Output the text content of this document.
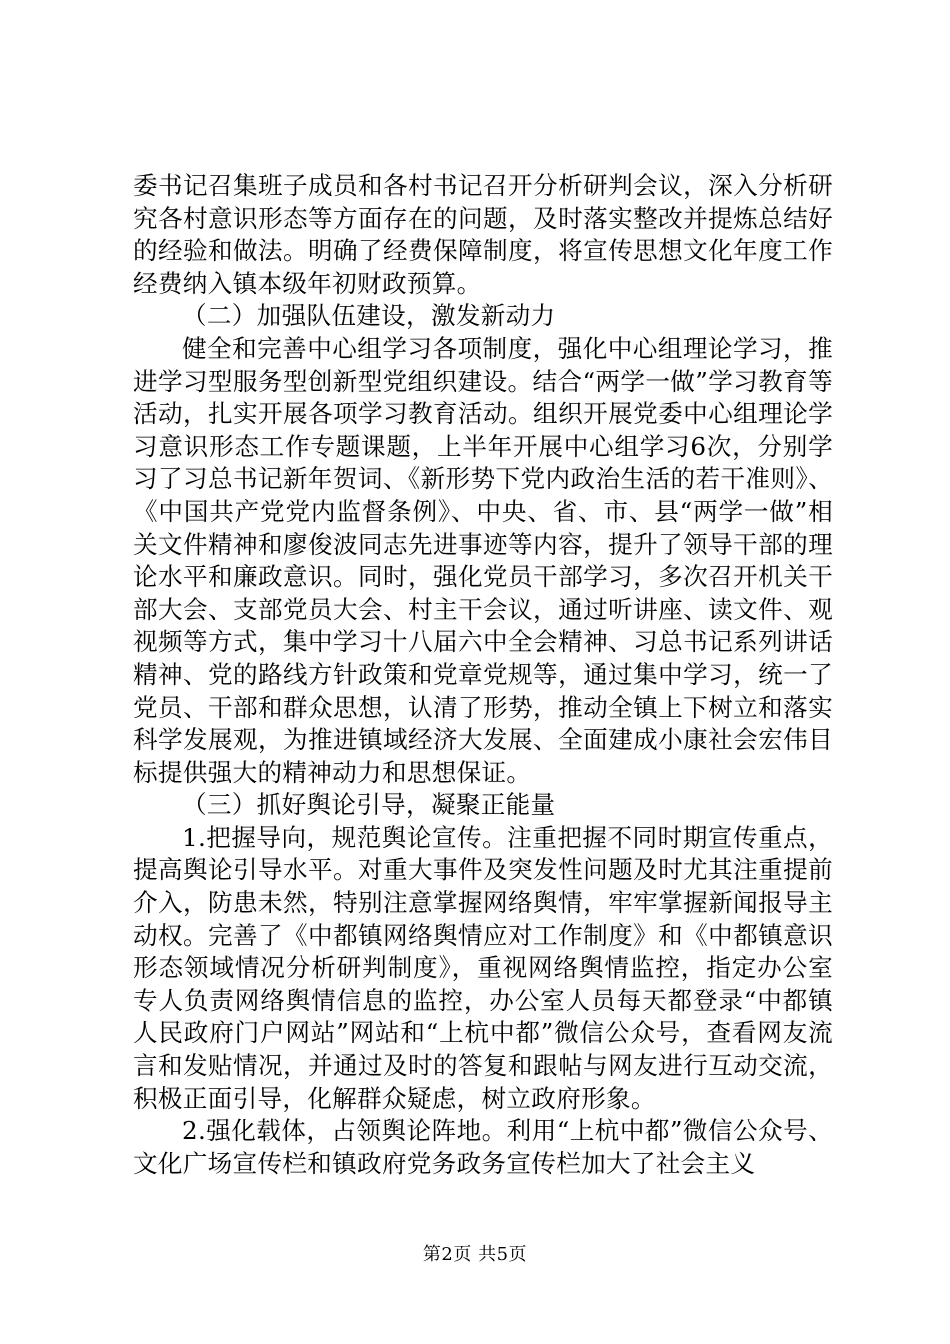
委书记召集班子成员和各村书记召开分析研判会议，深入分析研究各村意识形态等方面存在的问题，及时落实整改并提炼总结好的经验和做法。明确了经费保障制度，将宣传思想文化年度工作经费纳入镇本级年初财政预算。

（二）加强队伍建设，激发新动力

健全和完善中心组学习各项制度，强化中心组理论学习，推进学习型服务型创新型党组织建设。结合“两学一做”学习教育等活动，扎实开展各项学习教育活动。组织开展党委中心组理论学习意识形态工作专题课题，上半年开展中心组学习6次，分别学习了习总书记新年贺词、《新形势下党内政治生活的若干准则》、《中国共产党党内监督条例》、中央、省、市、县“两学一做”相关文件精神和廖俊波同志先进事迹等内容，提升了领导干部的理论水平和廉政意识。同时，强化党员干部学习，多次召开机关干部大会、支部党员大会、村主干会议，通过听讲座、读文件、观视频等方式，集中学习十八届六中全会精神、习总书记系列讲话精神、党的路线方针政策和党章党规等，通过集中学习，统一了党员、干部和群众思想，认清了形势，推动全镇上下树立和落实科学发展观，为推进镇域经济大发展、全面建成小康社会宏伟目标提供强大的精神动力和思想保证。

（三）抓好舆论引导，凝聚正能量

1.把握导向，规范舆论宣传。注重把握不同时期宣传重点，提高舆论引导水平。对重大事件及突发性问题及时尤其注重提前介入，防患未然，特别注意掌握网络舆情，牢牢掌握新闻报导主动权。完善了《中都镇网络舆情应对工作制度》和《中都镇意识形态领域情况分析研判制度》，重视网络舆情监控，指定办公室专人负责网络舆情信息的监控，办公室人员每天都登录“中都镇人民政府门户网站”网站和“上杭中都”微信公众号，查看网友流言和发贴情况，并通过及时的答复和跟帖与网友进行互动交流，积极正面引导，化解群众疑虑，树立政府形象。

2.强化载体，占领舆论阵地。利用“上杭中都”微信公众号、文化广场宣传栏和镇政府党务政务宣传栏加大了社会主义

第2页 共5页
